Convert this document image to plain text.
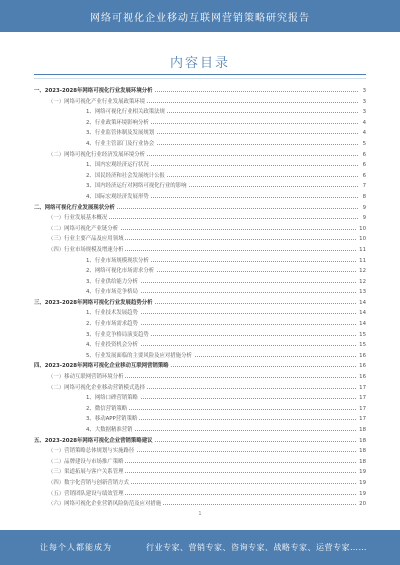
网络可视化企业移动互联网营销策略研究报告
内容目录
一、2023-2028年网络可视化行业发展环境分析	3
（一）网络可视化产业行业发展政策环境	3
1、网络可视化行业相关政策法规	3
2、行业政策环境影响分析	4
3、行业监管体制及发展规划	4
4、行业主管部门及行业协会	5
（二）网络可视化行业经济发展环境分析	6
1、国内宏观经济运行状况	6
2、国民经济和社会发展统计公报	6
3、国内经济运行对网络可视化行业的影响	7
4、国际宏观经济发展形势	8
二、网络可视化行业发展现状分析	9
（一）行业发展基本概况	9
（二）网络可视化产业链分析	10
（三）行业主要产品及应用领域	10
（四）行业市场规模及增速分析	11
1、行业市场规模现状分析	11
2、网络可视化市场需求分析	12
3、行业供给能力分析	12
4、行业市场竞争格局	13
三、2023-2028年网络可视化行业发展趋势分析	14
1、行业技术发展趋势	14
2、行业市场需求趋势	14
3、行业竞争格局演变趋势	15
4、行业投资机会分析	15
5、行业发展面临的主要风险及应对措施分析	16
四、2023-2028年网络可视化企业移动互联网营销策略	16
（一）移动互联网营销环境分析	16
（二）网络可视化企业移动营销模式选择	17
1、网络口碑营销策略	17
2、微信营销策略	17
3、移动APP营销策略	17
4、大数据精准营销	18
五、2023-2028年网络可视化企业营销策略建议	18
（一）营销策略总体规划与实施路径	18
（二）品牌建设与市场推广策略	18
（三）渠道拓展与客户关系管理	19
（四）数字化营销与创新营销方式	19
（五）营销团队建设与绩效管理	19
（六）网络可视化企业营销风险防范及应对措施	20
1
让每个人都能成为	行业专家、营销专家、咨询专家、战略专家、运营专家……
